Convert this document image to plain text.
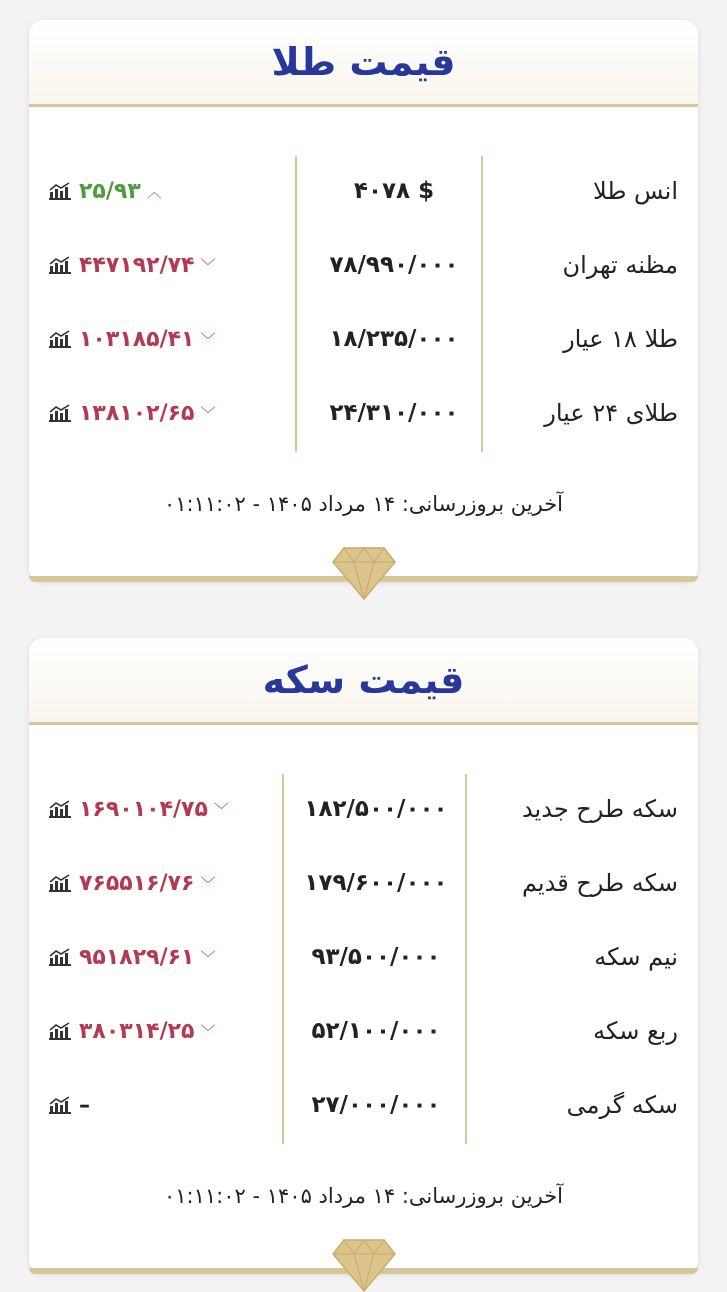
قیمت طلا
انس طلا
$ ۴۰۷۸
۲۵/۹۳ ︿
مظنه تهران
۷۸/۹۹۰/۰۰۰
۴۴۷۱۹۲/۷۴ ﹀
طلا ۱۸ عیار
۱۸/۲۳۵/۰۰۰
۱۰۳۱۸۵/۴۱ ﹀
طلای ۲۴ عیار
۲۴/۳۱۰/۰۰۰
۱۳۸۱۰۲/۶۵ ﹀
آخرین بروزرسانی: ۱۴ مرداد ۱۴۰۵ - ۰۱:۱۱:۰۲
قیمت سکه
سکه طرح جدید
۱۸۲/۵۰۰/۰۰۰
۱۶۹۰۱۰۴/۷۵ ﹀
سکه طرح قدیم
۱۷۹/۶۰۰/۰۰۰
۷۶۵۵۱۶/۷۶ ﹀
نیم سکه
۹۳/۵۰۰/۰۰۰
۹۵۱۸۲۹/۶۱ ﹀
ربع سکه
۵۲/۱۰۰/۰۰۰
۳۸۰۳۱۴/۲۵ ﹀
سکه گرمی
۲۷/۰۰۰/۰۰۰
–
آخرین بروزرسانی: ۱۴ مرداد ۱۴۰۵ - ۰۱:۱۱:۰۲
